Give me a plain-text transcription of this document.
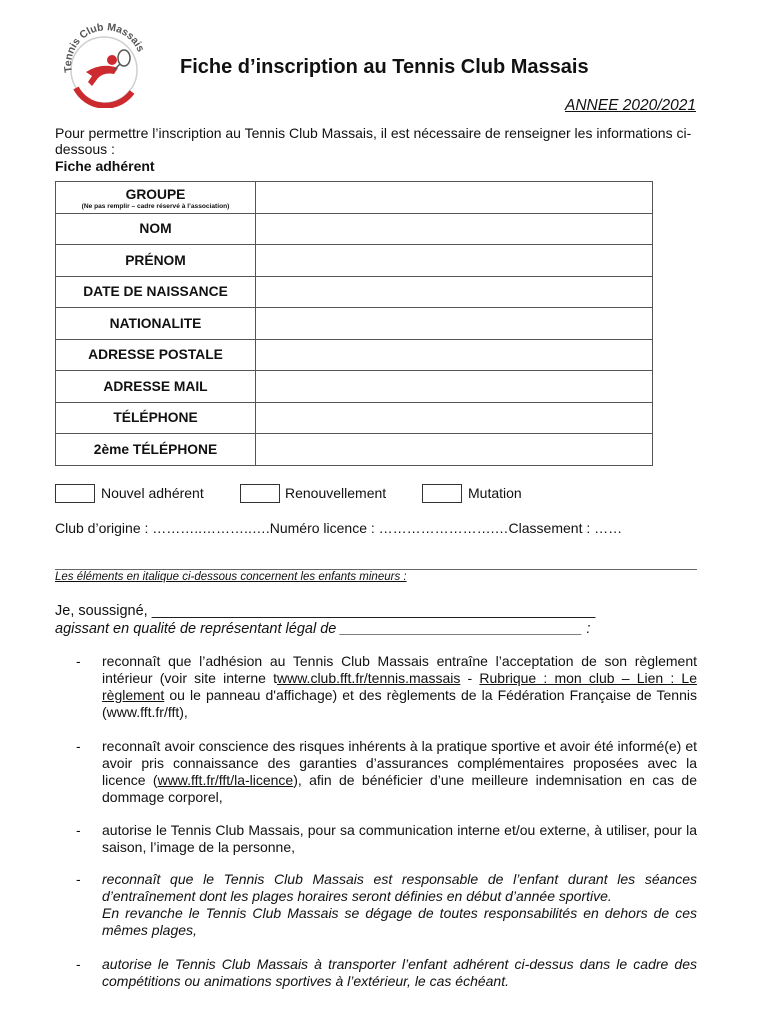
Tennis Club Massais
Fiche d’inscription au Tennis Club Massais
ANNEE 2020/2021
Pour permettre l’inscription au Tennis Club Massais, il est nécessaire de renseigner les informations ci-dessous :
Fiche adhérent
GROUPE
(Ne pas remplir – cadre réservé à l’association)	

NOM	
PRÉNOM	
DATE DE NAISSANCE	
NATIONALITE	
ADRESSE POSTALE	
ADRESSE MAIL	
TÉLÉPHONE	
2ème TÉLÉPHONE	
Nouvel adhérent	Renouvellement	Mutation
Club d’origine : ………..………..….Numéro licence : …………………….…Classement : ……
Les éléments en italique ci-dessous concernent les enfants mineurs :
Je, soussigné, _______________________________________________________
agissant en qualité de représentant légal de ______________________________ :
- reconnaît que l’adhésion au Tennis Club Massais entraîne l’acceptation de son règlement intérieur (voir site interne twww.club.fft.fr/tennis.massais - Rubrique : mon club – Lien : Le règlement ou le panneau d'affichage) et des règlements de la Fédération Française de Tennis (www.fft.fr/fft),
- reconnaît avoir conscience des risques inhérents à la pratique sportive et avoir été informé(e) et avoir pris connaissance des garanties d’assurances complémentaires proposées avec la licence (www.fft.fr/fft/la-licence), afin de bénéficier d’une meilleure indemnisation en cas de dommage corporel,
- autorise le Tennis Club Massais, pour sa communication interne et/ou externe, à utiliser, pour la saison, l’image de la personne,
- reconnaît que le Tennis Club Massais est responsable de l’enfant durant les séances d’entraînement dont les plages horaires seront définies en début d’année sportive.
En revanche le Tennis Club Massais se dégage de toutes responsabilités en dehors de ces mêmes plages,
- autorise le Tennis Club Massais à transporter l’enfant adhérent ci-dessus dans le cadre des compétitions ou animations sportives à l’extérieur, le cas échéant.
